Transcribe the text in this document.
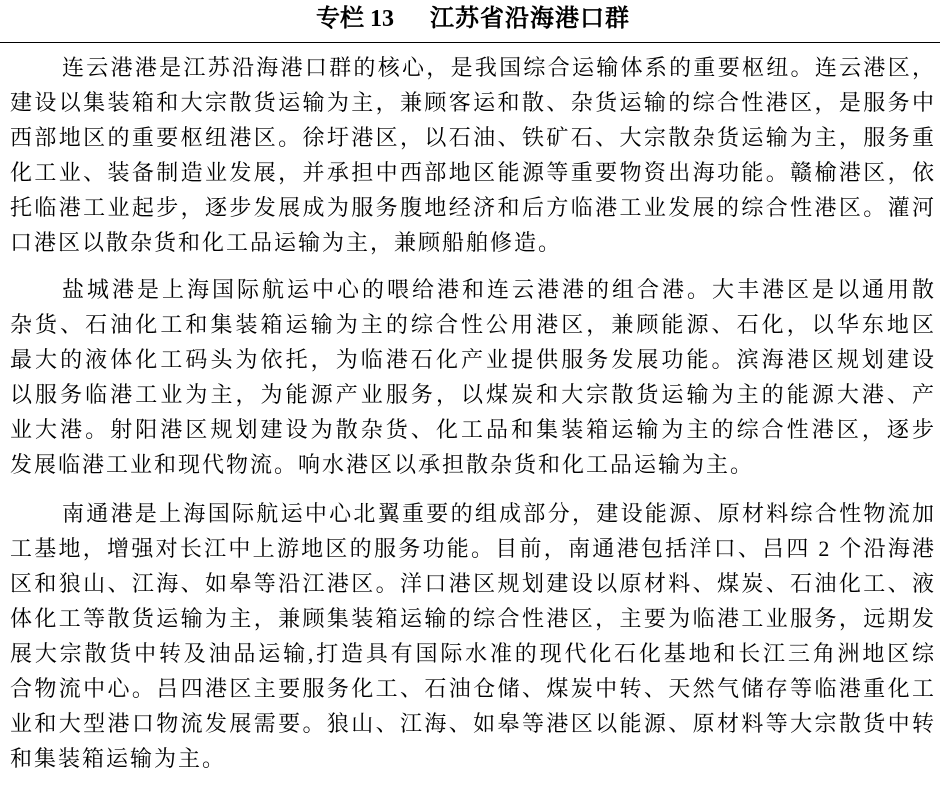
专栏 13 江苏省沿海港口群
连云港港是江苏沿海港口群的核心，是我国综合运输体系的重要枢纽。连云港区，
建设以集装箱和大宗散货运输为主，兼顾客运和散、杂货运输的综合性港区，是服务中
西部地区的重要枢纽港区。徐圩港区，以石油、铁矿石、大宗散杂货运输为主，服务重
化工业、装备制造业发展，并承担中西部地区能源等重要物资出海功能。赣榆港区，依
托临港工业起步，逐步发展成为服务腹地经济和后方临港工业发展的综合性港区。灌河
口港区以散杂货和化工品运输为主，兼顾船舶修造。
盐城港是上海国际航运中心的喂给港和连云港港的组合港。大丰港区是以通用散
杂货、石油化工和集装箱运输为主的综合性公用港区，兼顾能源、石化，以华东地区
最大的液体化工码头为依托，为临港石化产业提供服务发展功能。滨海港区规划建设
以服务临港工业为主，为能源产业服务，以煤炭和大宗散货运输为主的能源大港、产
业大港。射阳港区规划建设为散杂货、化工品和集装箱运输为主的综合性港区，逐步
发展临港工业和现代物流。响水港区以承担散杂货和化工品运输为主。
南通港是上海国际航运中心北翼重要的组成部分，建设能源、原材料综合性物流加
工基地，增强对长江中上游地区的服务功能。目前，南通港包括洋口、吕四 2 个沿海港
区和狼山、江海、如皋等沿江港区。洋口港区规划建设以原材料、煤炭、石油化工、液
体化工等散货运输为主，兼顾集装箱运输的综合性港区，主要为临港工业服务，远期发
展大宗散货中转及油品运输,打造具有国际水准的现代化石化基地和长江三角洲地区综
合物流中心。吕四港区主要服务化工、石油仓储、煤炭中转、天然气储存等临港重化工
业和大型港口物流发展需要。狼山、江海、如皋等港区以能源、原材料等大宗散货中转
和集装箱运输为主。
